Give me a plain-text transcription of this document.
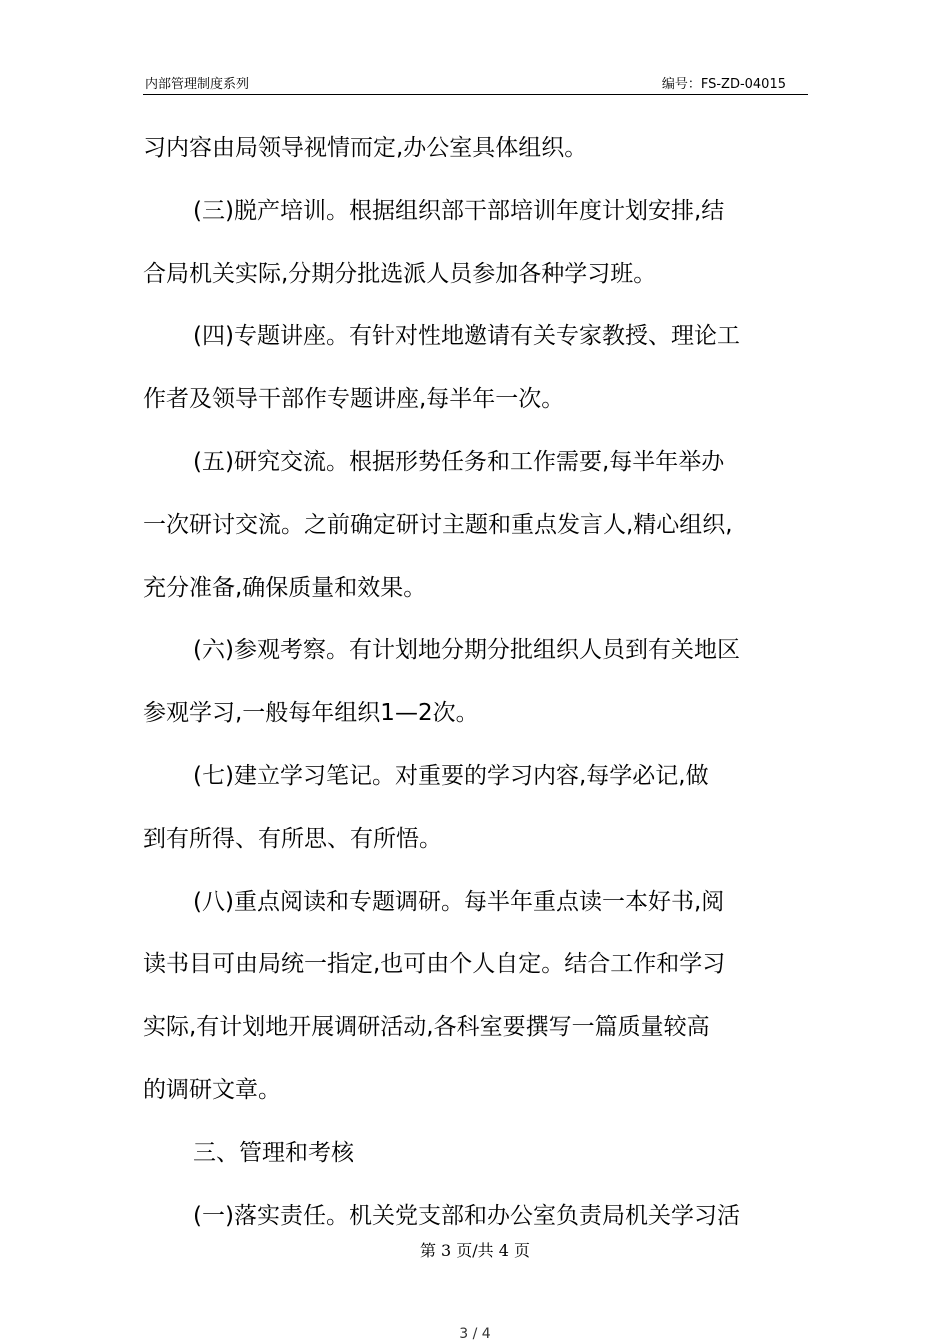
内部管理制度系列	编号：FS-ZD-04015
习内容由局领导视情而定,办公室具体组织。
(三)脱产培训。根据组织部干部培训年度计划安排,结
合局机关实际,分期分批选派人员参加各种学习班。
(四)专题讲座。有针对性地邀请有关专家教授、理论工
作者及领导干部作专题讲座,每半年一次。
(五)研究交流。根据形势任务和工作需要,每半年举办
一次研讨交流。之前确定研讨主题和重点发言人,精心组织,
充分准备,确保质量和效果。
(六)参观考察。有计划地分期分批组织人员到有关地区
参观学习,一般每年组织1—2次。
(七)建立学习笔记。对重要的学习内容,每学必记,做
到有所得、有所思、有所悟。
(八)重点阅读和专题调研。每半年重点读一本好书,阅
读书目可由局统一指定,也可由个人自定。结合工作和学习
实际,有计划地开展调研活动,各科室要撰写一篇质量较高
的调研文章。
三、管理和考核
(一)落实责任。机关党支部和办公室负责局机关学习活
第 3 页/共 4 页
3 / 4
